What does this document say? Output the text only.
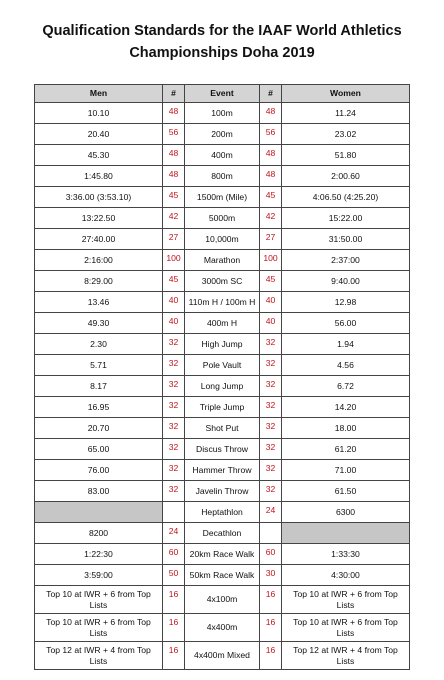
Qualification Standards for the IAAF World Athletics
Championships Doha 2019
Men	#	Event	#	Women
10.10	48	100m	48	11.24
20.40	56	200m	56	23.02
45.30	48	400m	48	51.80
1:45.80	48	800m	48	2:00.60
3:36.00 (3:53.10)	45	1500m (Mile)	45	4:06.50 (4:25.20)
13:22.50	42	5000m	42	15:22.00
27:40.00	27	10,000m	27	31:50.00
2:16:00	100	Marathon	100	2:37:00
8:29.00	45	3000m SC	45	9:40.00
13.46	40	110m H / 100m H	40	12.98
49.30	40	400m H	40	56.00
2.30	32	High Jump	32	1.94
5.71	32	Pole Vault	32	4.56
8.17	32	Long Jump	32	6.72
16.95	32	Triple Jump	32	14.20
20.70	32	Shot Put	32	18.00
65.00	32	Discus Throw	32	61.20
76.00	32	Hammer Throw	32	71.00
83.00	32	Javelin Throw	32	61.50
		Heptathlon	24	6300
8200	24	Decathlon		
1:22:30	60	20km Race Walk	60	1:33:30
3:59:00	50	50km Race Walk	30	4:30:00
Top 10 at IWR + 6 from Top Lists	16	4x100m	16	Top 10 at IWR + 6 from Top Lists
Top 10 at IWR + 6 from Top Lists	16	4x400m	16	Top 10 at IWR + 6 from Top Lists
Top 12 at IWR + 4 from Top Lists	16	4x400m Mixed	16	Top 12 at IWR + 4 from Top Lists
